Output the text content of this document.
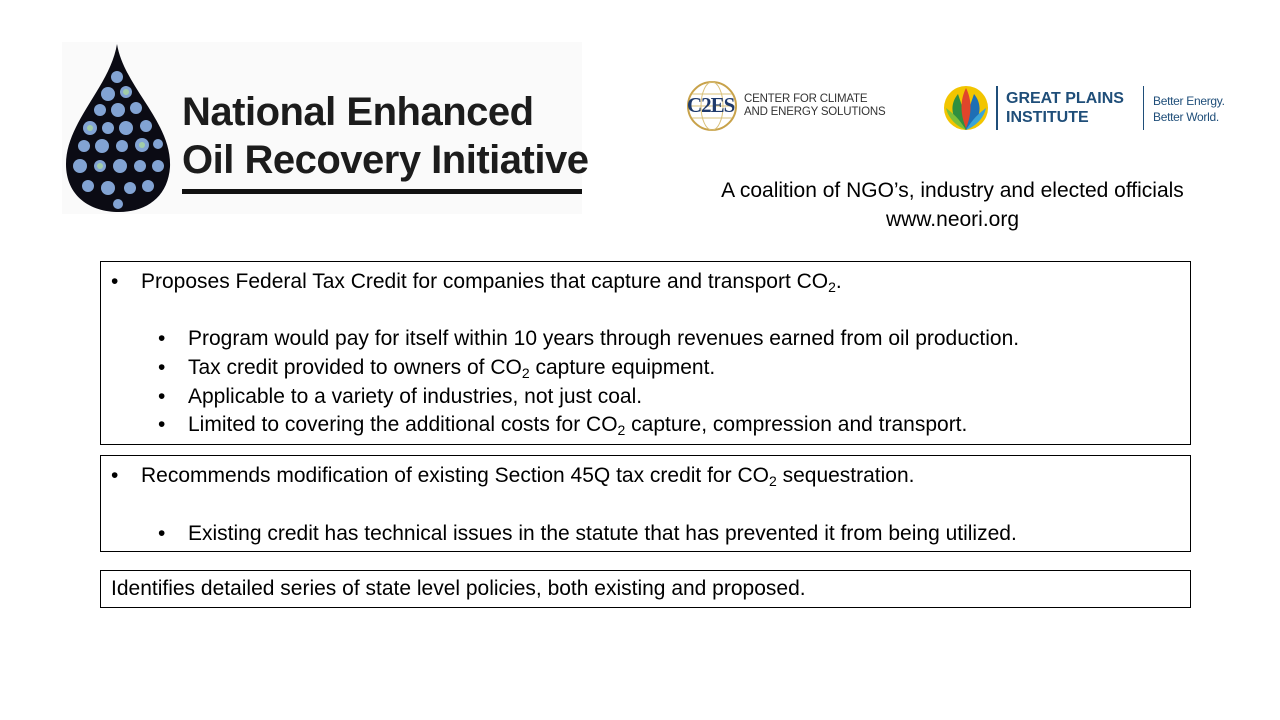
National Enhanced
Oil Recovery Initiative
C2ES CENTER FOR CLIMATE
AND ENERGY SOLUTIONS
GREAT PLAINS
INSTITUTE
Better Energy.
Better World.
A coalition of NGO’s, industry and elected officials
www.neori.org
• Proposes Federal Tax Credit for companies that capture and transport $CO_2$.
• Program would pay for itself within 10 years through revenues earned from oil production.
• Tax credit provided to owners of $CO_2$ capture equipment.
• Applicable to a variety of industries, not just coal.
• Limited to covering the additional costs for $CO_2$ capture, compression and transport.
• Recommends modification of existing Section 45Q tax credit for $CO_2$ sequestration.
• Existing credit has technical issues in the statute that has prevented it from being utilized.
Identifies detailed series of state level policies, both existing and proposed.
